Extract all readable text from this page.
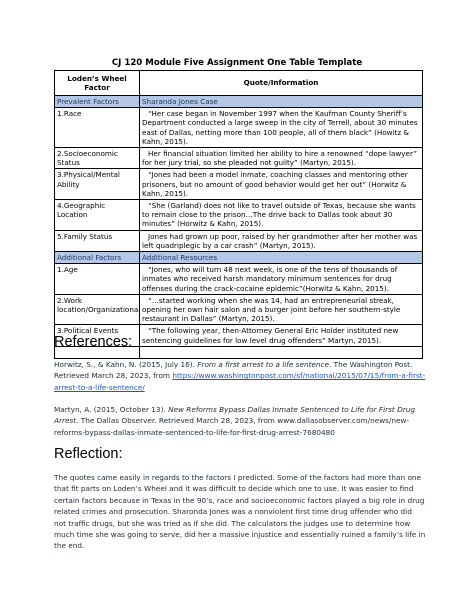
CJ 120 Module Five Assignment One Table Template
Loden’s Wheel Factor	Quote/Information
Prevalent Factors	Sharanda Jones Case
1.Race	“Her case began in November 1997 when the Kaufman County Sheriff’s Department conducted a large sweep in the city of Terrell, about 30 minutes east of Dallas, netting more than 100 people, all of them black” (Howitz & Kahn, 2015).
2.Socioeconomic Status	Her financial situation limited her ability to hire a renowned “dope lawyer” for her jury trial, so she pleaded not guilty” (Martyn, 2015).
3.Physical/Mental Ability	“Jones had been a model inmate, coaching classes and mentoring other prisoners, but no amount of good behavior would get her out” (Horwitz & Kahn, 2015).
4.Geographic Location	“She (Garland) does not like to travel outside of Texas, because she wants to remain close to the prison…The drive back to Dallas took about 30 minutes” (Horwitz & Kahn, 2015).
5.Family Status	Jones had grown up poor, raised by her grandmother after her mother was left quadriplegic by a car crash” (Martyn, 2015).
Additional Factors	Additional Resources
1.Age	“Jones, who will turn 48 next week, is one of the tens of thousands of inmates who received harsh mandatory minimum sentences for drug offenses during the crack-cocaine epidemic”(Horwitz & Kahn, 2015).
2.Work location/Organizational	“…started working when she was 14, had an entrepreneurial streak, opening her own hair salon and a burger joint before her southern-style restaurant in Dallas” (Martyn, 2015).
3.Political Events	“The following year, then-Attorney General Eric Holder instituted new sentencing guidelines for low level drug offenders” Martyn, 2015).

References:
Horwitz, S., & Kahn, N. (2015, July 16). From a first arrest to a life sentence. The Washington Post. Retrieved March 28, 2023, from https://www.washingtonpost.com/sf/national/2015/07/15/from-a-first-arrest-to-a-life-sentence/
Martyn, A. (2015, October 13). New Reforms Bypass Dallas Inmate Sentenced to Life for First Drug Arrest. The Dallas Observer. Retrieved March 28, 2023, from www.dallasobserver.com/news/new-reforms-bypass-dallas-inmate-sentenced-to-life-for-first-drug-arrest-7680480
Reflection:
The quotes came easily in regards to the factors I predicted. Some of the factors had more than one that fit parts on Loden’s Wheel and it was difficult to decide which one to use. It was easier to find certain factors because in Texas in the 90’s, race and socioeconomic factors played a big role in drug related crimes and prosecution. Sharonda Jones was a nonviolent first time drug offender who did not traffic drugs, but she was tried as if she did. The calculators the judges use to determine how much time she was going to serve, did her a massive injustice and essentially ruined a family’s life in the end.
